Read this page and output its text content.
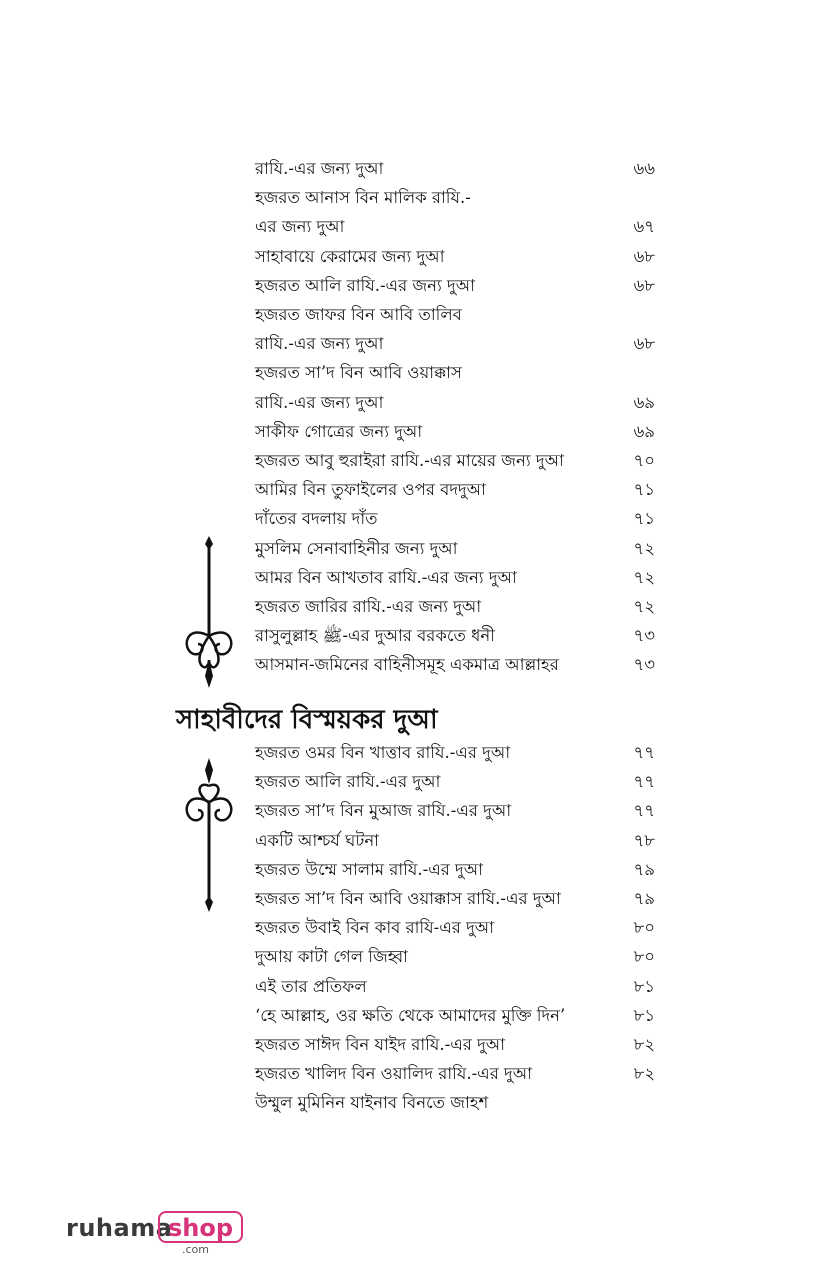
রাযি.-এর জন্য দুআ	৬৬
হজরত আনাস বিন মালিক রাযি.-
এর জন্য দুআ	৬৭
সাহাবায়ে কেরামের জন্য দুআ	৬৮
হজরত আলি রাযি.-এর জন্য দুআ	৬৮
হজরত জাফর বিন আবি তালিব
রাযি.-এর জন্য দুআ	৬৮
হজরত সা’দ বিন আবি ওয়াক্কাস
রাযি.-এর জন্য দুআ	৬৯
সাকীফ গোত্রের জন্য দুআ	৬৯
হজরত আবু হুরাইরা রাযি.-এর মায়ের জন্য দুআ	৭০
আমির বিন তুফাইলের ওপর বদদুআ	৭১
দাঁতের বদলায় দাঁত	৭১
মুসলিম সেনাবাহিনীর জন্য দুআ	৭২
আমর বিন আখতাব রাযি.-এর জন্য দুআ	৭২
হজরত জারির রাযি.-এর জন্য দুআ	৭২
রাসুলুল্লাহ ﷺ-এর দুআর বরকতে ধনী	৭৩
আসমান-জমিনের বাহিনীসমূহ একমাত্র আল্লাহর	৭৩
সাহাবীদের বিস্ময়কর দুআ
হজরত ওমর বিন খাত্তাব রাযি.-এর দুআ	৭৭
হজরত আলি রাযি.-এর দুআ	৭৭
হজরত সা’দ বিন মুআজ রাযি.-এর দুআ	৭৭
একটি আশ্চর্য ঘটনা	৭৮
হজরত উম্মে সালাম রাযি.-এর দুআ	৭৯
হজরত সা’দ বিন আবি ওয়াক্কাস রাযি.-এর দুআ	৭৯
হজরত উবাই বিন কাব রাযি-এর দুআ	৮০
দুআয় কাটা গেল জিহ্বা	৮০
এই তার প্রতিফল	৮১
‘হে আল্লাহ, ওর ক্ষতি থেকে আমাদের মুক্তি দিন’	৮১
হজরত সাঈদ বিন যাইদ রাযি.-এর দুআ	৮২
হজরত খালিদ বিন ওয়ালিদ রাযি.-এর দুআ	৮২
উম্মুল মুমিনিন যাইনাব বিনতে জাহশ
ruhama
shop
.com
